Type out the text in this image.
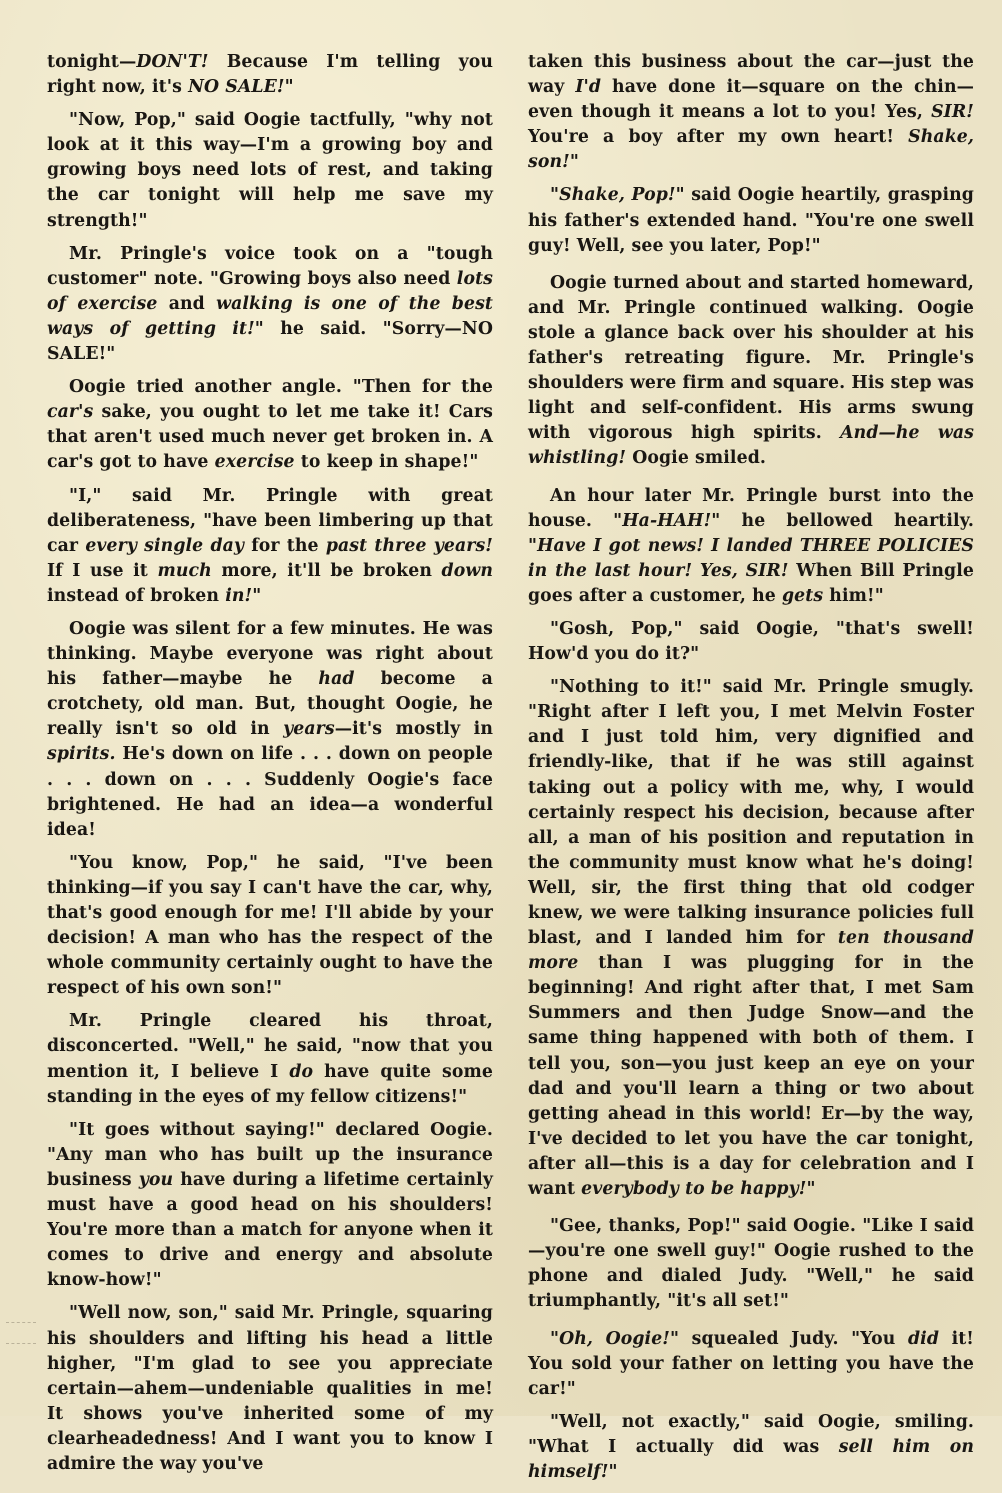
tonight—DON'T! Because I'm telling you right now, it's NO SALE!"

"Now, Pop," said Oogie tactfully, "why not look at it this way—I'm a growing boy and growing boys need lots of rest, and taking the car tonight will help me save my strength!"

Mr. Pringle's voice took on a "tough customer" note. "Growing boys also need lots of exercise and walking is one of the best ways of getting it!" he said. "Sorry—NO SALE!"

Oogie tried another angle. "Then for the car's sake, you ought to let me take it! Cars that aren't used much never get broken in. A car's got to have exercise to keep in shape!"

"I," said Mr. Pringle with great deliberateness, "have been limbering up that car every single day for the past three years! If I use it much more, it'll be broken down instead of broken in!"

Oogie was silent for a few minutes. He was thinking. Maybe everyone was right about his father—maybe he had become a crotchety, old man. But, thought Oogie, he really isn't so old in years—it's mostly in spirits. He's down on life . . . down on people . . . down on . . . Suddenly Oogie's face brightened. He had an idea—a wonderful idea!

"You know, Pop," he said, "I've been thinking—if you say I can't have the car, why, that's good enough for me! I'll abide by your decision! A man who has the respect of the whole community certainly ought to have the respect of his own son!"

Mr. Pringle cleared his throat, disconcerted. "Well," he said, "now that you mention it, I believe I do have quite some standing in the eyes of my fellow citizens!"

"It goes without saying!" declared Oogie. "Any man who has built up the insurance business you have during a lifetime certainly must have a good head on his shoulders! You're more than a match for anyone when it comes to drive and energy and absolute know-how!"

"Well now, son," said Mr. Pringle, squaring his shoulders and lifting his head a little higher, "I'm glad to see you appreciate certain—ahem—undeniable qualities in me! It shows you've inherited some of my clearheadedness! And I want you to know I admire the way you've

taken this business about the car—just the way I'd have done it—square on the chin—even though it means a lot to you! Yes, SIR! You're a boy after my own heart! Shake, son!"

"Shake, Pop!" said Oogie heartily, grasping his father's extended hand. "You're one swell guy! Well, see you later, Pop!"

Oogie turned about and started homeward, and Mr. Pringle continued walking. Oogie stole a glance back over his shoulder at his father's retreating figure. Mr. Pringle's shoulders were firm and square. His step was light and self-confident. His arms swung with vigorous high spirits. And—he was whistling! Oogie smiled.

An hour later Mr. Pringle burst into the house. "Ha-HAH!" he bellowed heartily. "Have I got news! I landed THREE POLICIES in the last hour! Yes, SIR! When Bill Pringle goes after a customer, he gets him!"

"Gosh, Pop," said Oogie, "that's swell! How'd you do it?"

"Nothing to it!" said Mr. Pringle smugly. "Right after I left you, I met Melvin Foster and I just told him, very dignified and friendly-like, that if he was still against taking out a policy with me, why, I would certainly respect his decision, because after all, a man of his position and reputation in the community must know what he's doing! Well, sir, the first thing that old codger knew, we were talking insurance policies full blast, and I landed him for ten thousand more than I was plugging for in the beginning! And right after that, I met Sam Summers and then Judge Snow—and the same thing happened with both of them. I tell you, son—you just keep an eye on your dad and you'll learn a thing or two about getting ahead in this world! Er—by the way, I've decided to let you have the car tonight, after all—this is a day for celebration and I want everybody to be happy!"

"Gee, thanks, Pop!" said Oogie. "Like I said—you're one swell guy!" Oogie rushed to the phone and dialed Judy. "Well," he said triumphantly, "it's all set!"

"Oh, Oogie!" squealed Judy. "You did it! You sold your father on letting you have the car!"

"Well, not exactly," said Oogie, smiling. "What I actually did was sell him on himself!"
